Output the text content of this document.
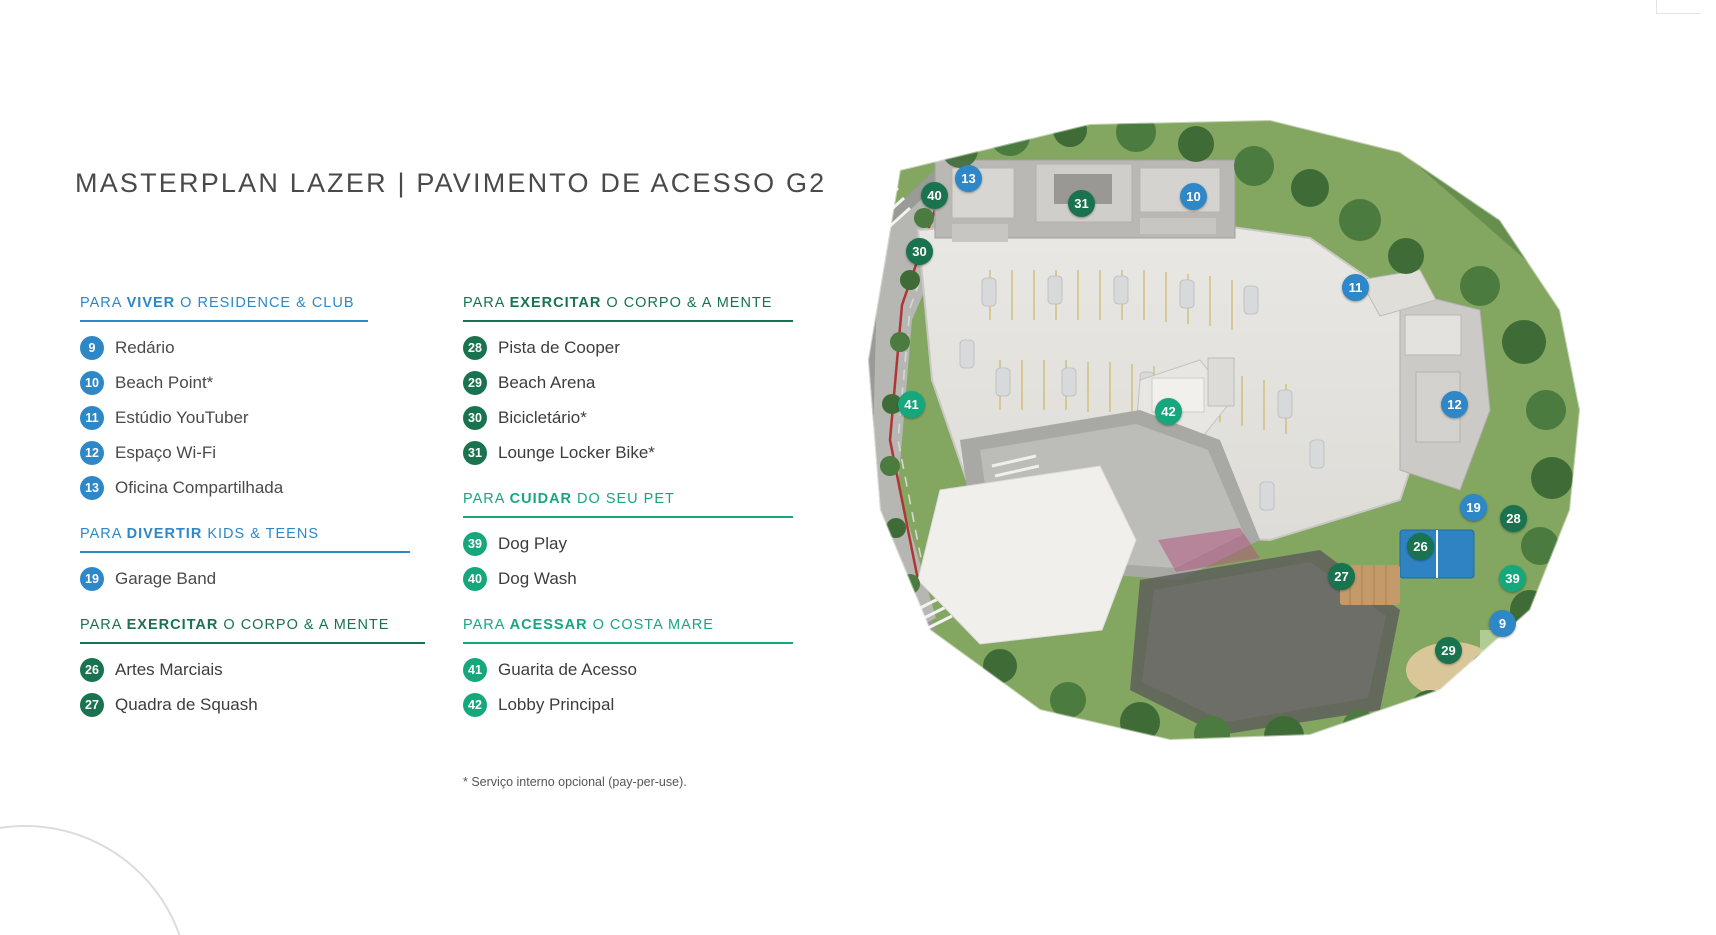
MASTERPLAN LAZER | PAVIMENTO DE ACESSO G2
PARA VIVER O RESIDENCE & CLUB
9	Redário
10 Beach Point*
11 Estúdio YouTuber
12 Espaço Wi-Fi
13 Oficina Compartilhada
PARA DIVERTIR KIDS & TEENS
19 Garage Band
PARA EXERCITAR O CORPO & A MENTE
26 Artes Marciais
27 Quadra de Squash
PARA EXERCITAR O CORPO & A MENTE
28 Pista de Cooper
29 Beach Arena
30 Bicicletário*
31 Lounge Locker Bike*
PARA CUIDAR DO SEU PET
39 Dog Play
40 Dog Wash
PARA ACESSAR O COSTA MARE
41 Guarita de Acesso
42 Lobby Principal
* Serviço interno opcional (pay-per-use).
13
40
31	10
30
11
41	42	12
19
28
26
27	39
9
29
